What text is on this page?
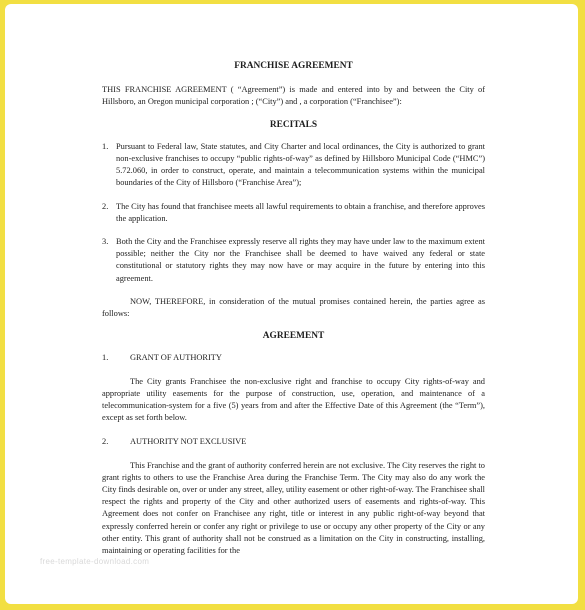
FRANCHISE AGREEMENT

THIS FRANCHISE AGREEMENT ( “Agreement”) is made and entered into by and between the City of Hillsboro, an Oregon municipal corporation ; (“City”) and , a corporation (“Franchisee”):

RECITALS

1. Pursuant to Federal law, State statutes, and City Charter and local ordinances, the City is authorized to grant non-exclusive franchises to occupy “public rights-of-way” as defined by Hillsboro Municipal Code (“HMC”) 5.72.060, in order to construct, operate, and maintain a telecommunication systems within the municipal boundaries of the City of Hillsboro (“Franchise Area”);
2. The City has found that franchisee meets all lawful requirements to obtain a franchise, and therefore approves the application.
3. Both the City and the Franchisee expressly reserve all rights they may have under law to the maximum extent possible; neither the City nor the Franchisee shall be deemed to have waived any federal or state constitutional or statutory rights they may now have or may acquire in the future by entering into this agreement.

NOW, THEREFORE, in consideration of the mutual promises contained herein, the parties agree as follows:

AGREEMENT

1.	GRANT OF AUTHORITY

The City grants Franchisee the non-exclusive right and franchise to occupy City rights-of-way and appropriate utility easements for the purpose of construction, use, operation, and maintenance of a telecommunication-system for a five (5) years from and after the Effective Date of this Agreement (the “Term”), except as set forth below.

2.	AUTHORITY NOT EXCLUSIVE

This Franchise and the grant of authority conferred herein are not exclusive. The City reserves the right to grant rights to others to use the Franchise Area during the Franchise Term. The City may also do any work the City finds desirable on, over or under any street, alley, utility easement or other right-of-way. The Franchisee shall respect the rights and property of the City and other authorized users of easements and rights-of-way. This Agreement does not confer on Franchisee any right, title or interest in any public right-of-way beyond that expressly conferred herein or confer any right or privilege to use or occupy any other property of the City or any other entity. This grant of authority shall not be construed as a limitation on the City in constructing, installing, maintaining or operating facilities for the

free-template-download.com
